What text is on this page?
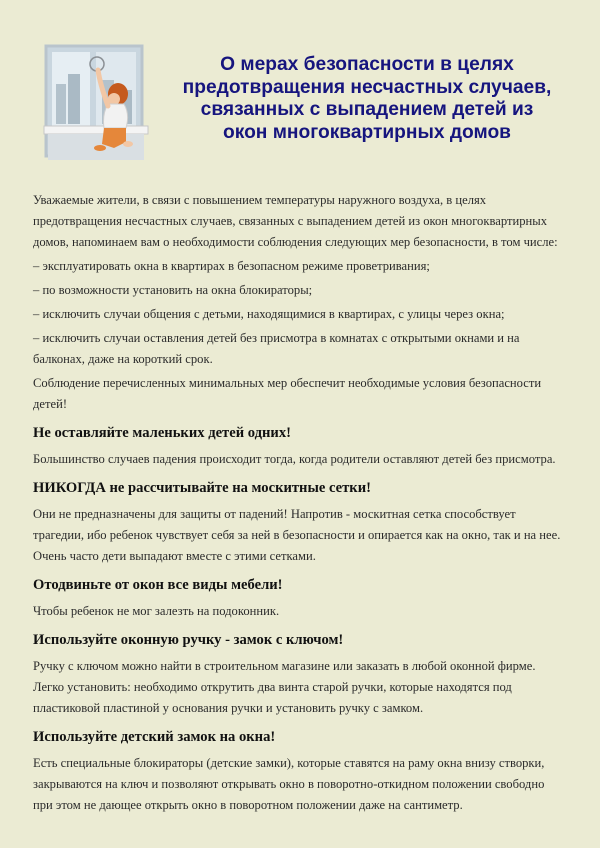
О мерах безопасности в целях
предотвращения несчастных случаев,
связанных с выпадением детей из
окон многоквартирных домов

Уважаемые жители, в связи с повышением температуры наружного воздуха, в целях предотвращения несчастных случаев, связанных с выпадением детей из окон многоквартирных домов, напоминаем вам о необходимости соблюдения следующих мер безопасности, в том числе:

– эксплуатировать окна в квартирах в безопасном режиме проветривания;

– по возможности установить на окна блокираторы;

– исключить случаи общения с детьми, находящимися в квартирах, с улицы через окна;

– исключить случаи оставления детей без присмотра в комнатах с открытыми окнами и на балконах, даже на короткий срок.

Соблюдение перечисленных минимальных мер обеспечит необходимые условия безопасности детей!

Не оставляйте маленьких детей одних!

Большинство случаев падения происходит тогда, когда родители оставляют детей без присмотра.

НИКОГДА не рассчитывайте на москитные сетки!

Они не предназначены для защиты от падений! Напротив - москитная сетка способствует трагедии, ибо ребенок чувствует себя за ней в безопасности и опирается как на окно, так и на нее. Очень часто дети выпадают вместе с этими сетками.

Отодвиньте от окон все виды мебели!

Чтобы ребенок не мог залезть на подоконник.

Используйте оконную ручку - замок с ключом!

Ручку с ключом можно найти в строительном магазине или заказать в любой оконной фирме. Легко установить: необходимо открутить два винта старой ручки, которые находятся под пластиковой пластиной у основания ручки и установить ручку с замком.

Используйте детский замок на окна!

Есть специальные блокираторы (детские замки), которые ставятся на раму окна внизу створки, закрываются на ключ и позволяют открывать окно в поворотно-откидном положении свободно при этом не дающее открыть окно в поворотном положении даже на сантиметр.
